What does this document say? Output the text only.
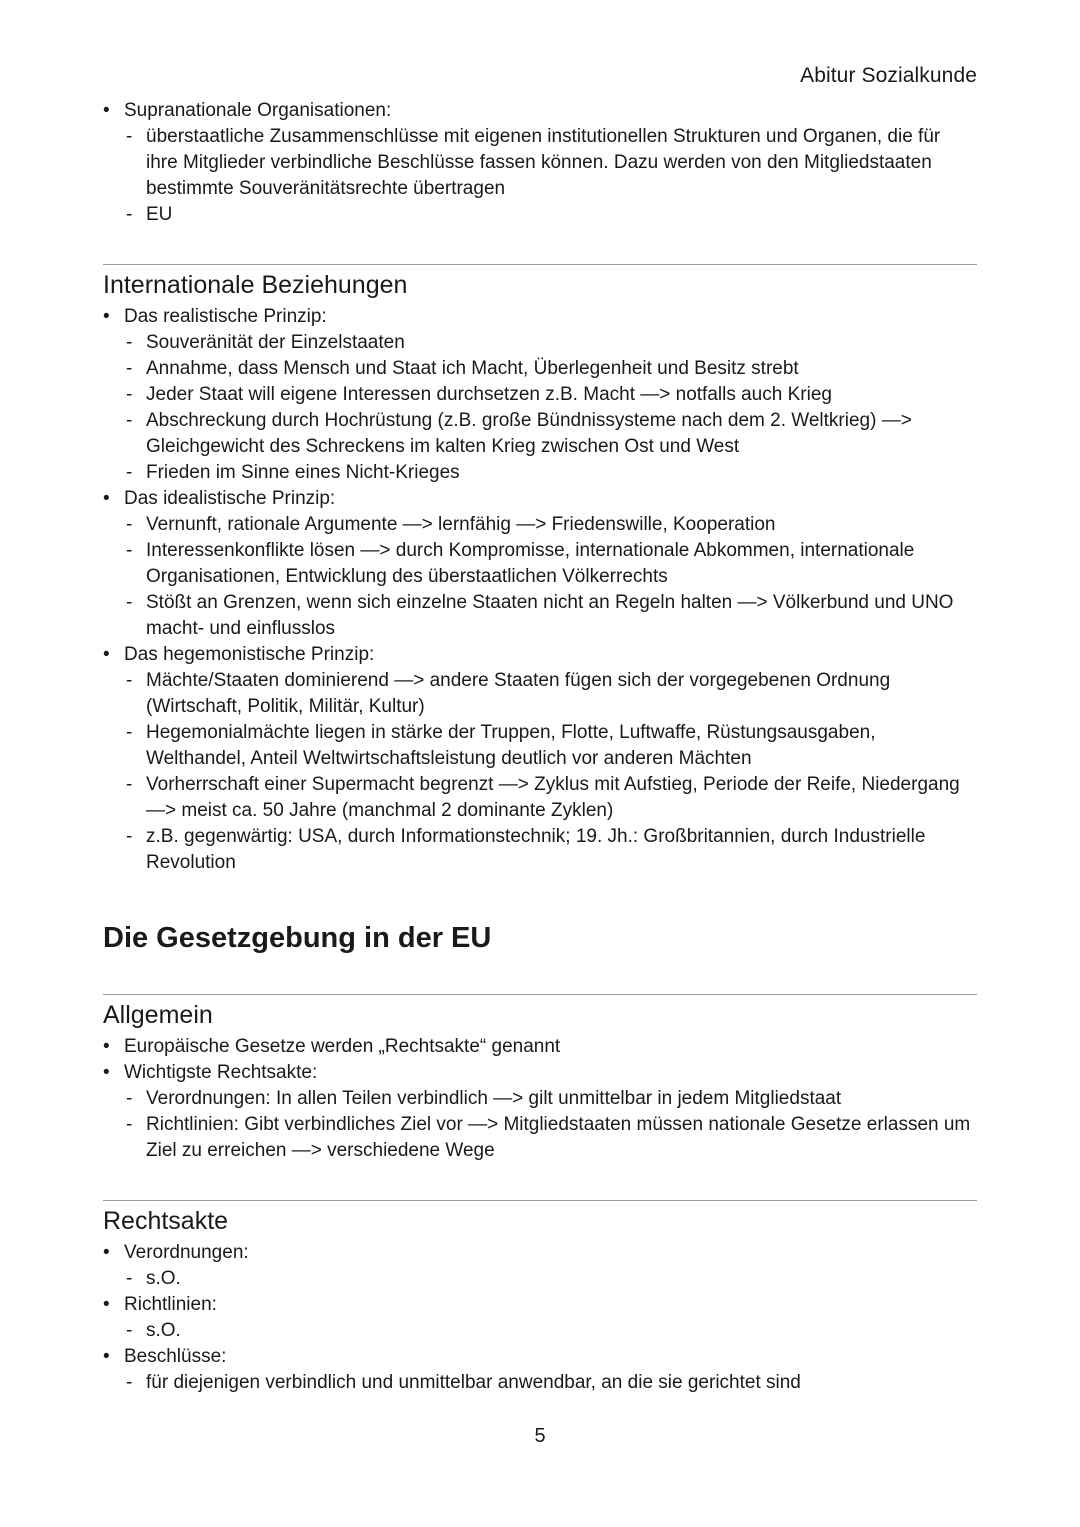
Abitur Sozialkunde
• Supranationale Organisationen:
- überstaatliche Zusammenschlüsse mit eigenen institutionellen Strukturen und Organen, die für ihre Mitglieder verbindliche Beschlüsse fassen können. Dazu werden von den Mitgliedstaaten bestimmte Souveränitätsrechte übertragen
- EU
Internationale Beziehungen
• Das realistische Prinzip:
- Souveränität der Einzelstaaten
- Annahme, dass Mensch und Staat ich Macht, Überlegenheit und Besitz strebt
- Jeder Staat will eigene Interessen durchsetzen z.B. Macht —> notfalls auch Krieg
- Abschreckung durch Hochrüstung (z.B. große Bündnissysteme nach dem 2. Weltkrieg) —> Gleichgewicht des Schreckens im kalten Krieg zwischen Ost und West
- Frieden im Sinne eines Nicht-Krieges
• Das idealistische Prinzip:
- Vernunft, rationale Argumente —> lernfähig —> Friedenswille, Kooperation
- Interessenkonflikte lösen —> durch Kompromisse, internationale Abkommen, internationale Organisationen, Entwicklung des überstaatlichen Völkerrechts
- Stößt an Grenzen, wenn sich einzelne Staaten nicht an Regeln halten —> Völkerbund und UNO macht- und einflusslos
• Das hegemonistische Prinzip:
- Mächte/Staaten dominierend —> andere Staaten fügen sich der vorgegebenen Ordnung (Wirtschaft, Politik, Militär, Kultur)
- Hegemonialmächte liegen in stärke der Truppen, Flotte, Luftwaffe, Rüstungsausgaben, Welthandel, Anteil Weltwirtschaftsleistung deutlich vor anderen Mächten
- Vorherrschaft einer Supermacht begrenzt —> Zyklus mit Aufstieg, Periode der Reife, Niedergang —> meist ca. 50 Jahre (manchmal 2 dominante Zyklen)
- z.B. gegenwärtig: USA, durch Informationstechnik; 19. Jh.: Großbritannien, durch Industrielle Revolution
Die Gesetzgebung in der EU
Allgemein
• Europäische Gesetze werden „Rechtsakte“ genannt
• Wichtigste Rechtsakte:
- Verordnungen: In allen Teilen verbindlich —> gilt unmittelbar in jedem Mitgliedstaat
- Richtlinien: Gibt verbindliches Ziel vor —> Mitgliedstaaten müssen nationale Gesetze erlassen um Ziel zu erreichen —> verschiedene Wege
Rechtsakte
• Verordnungen:
- s.O.
• Richtlinien:
- s.O.
• Beschlüsse:
- für diejenigen verbindlich und unmittelbar anwendbar, an die sie gerichtet sind
5
